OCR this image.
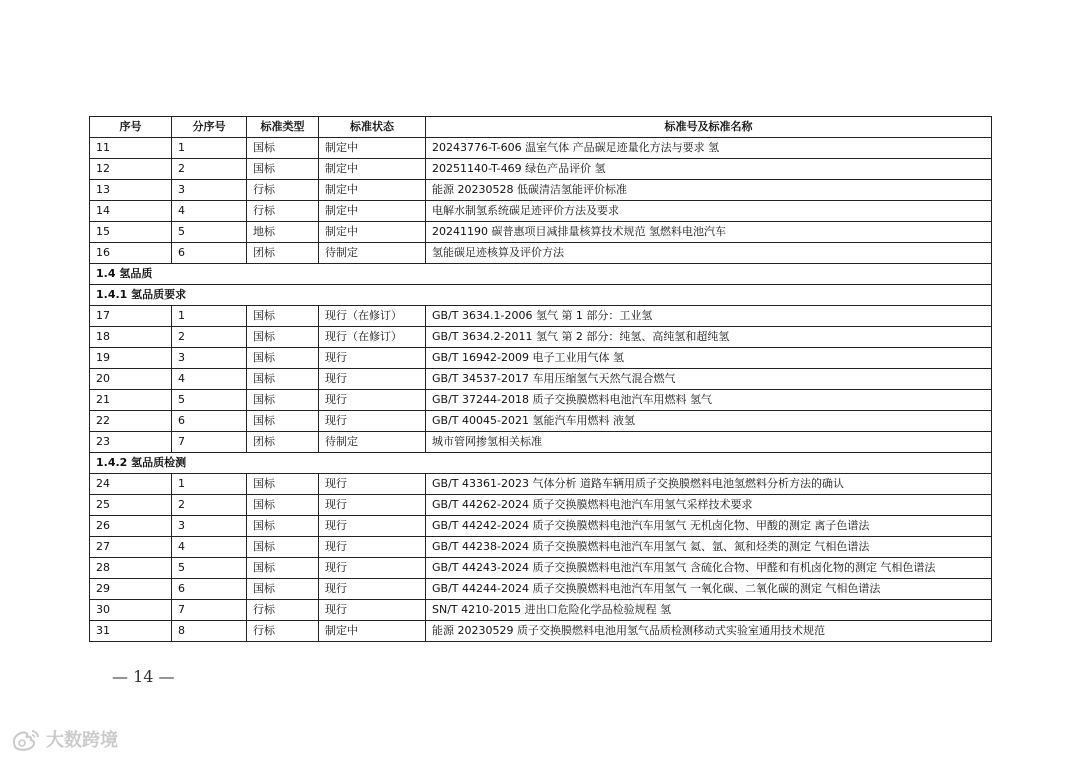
序号	分序号	标准类型	标准状态	标准号及标准名称
11	1	国标	制定中	20243776-T-606 温室气体 产品碳足迹量化方法与要求 氢
12	2	国标	制定中	20251140-T-469 绿色产品评价 氢
13	3	行标	制定中	能源 20230528 低碳清洁氢能评价标准
14	4	行标	制定中	电解水制氢系统碳足迹评价方法及要求
15	5	地标	制定中	20241190 碳普惠项目减排量核算技术规范 氢燃料电池汽车
16	6	团标	待制定	氢能碳足迹核算及评价方法
1.4 氢品质				
1.4.1 氢品质要求				
17	1	国标	现行（在修订）	GB/T 3634.1-2006 氢气 第 1 部分：工业氢
18	2	国标	现行（在修订）	GB/T 3634.2-2011 氢气 第 2 部分：纯氢、高纯氢和超纯氢
19	3	国标	现行	GB/T 16942-2009 电子工业用气体 氢
20	4	国标	现行	GB/T 34537-2017 车用压缩氢气天然气混合燃气
21	5	国标	现行	GB/T 37244-2018 质子交换膜燃料电池汽车用燃料 氢气
22	6	国标	现行	GB/T 40045-2021 氢能汽车用燃料 液氢
23	7	团标	待制定	城市管网掺氢相关标准
1.4.2 氢品质检测				
24	1	国标	现行	GB/T 43361-2023 气体分析 道路车辆用质子交换膜燃料电池氢燃料分析方法的确认
25	2	国标	现行	GB/T 44262-2024 质子交换膜燃料电池汽车用氢气采样技术要求
26	3	国标	现行	GB/T 44242-2024 质子交换膜燃料电池汽车用氢气 无机卤化物、甲酸的测定 离子色谱法
27	4	国标	现行	GB/T 44238-2024 质子交换膜燃料电池汽车用氢气 氦、氩、氮和烃类的测定 气相色谱法
28	5	国标	现行	GB/T 44243-2024 质子交换膜燃料电池汽车用氢气 含硫化合物、甲醛和有机卤化物的测定 气相色谱法
29	6	国标	现行	GB/T 44244-2024 质子交换膜燃料电池汽车用氢气 一氧化碳、二氧化碳的测定 气相色谱法
30	7	行标	现行	SN/T 4210-2015 进出口危险化学品检验规程 氢
31	8	行标	制定中	能源 20230529 质子交换膜燃料电池用氢气品质检测移动式实验室通用技术规范
— 14 —
大数跨境
